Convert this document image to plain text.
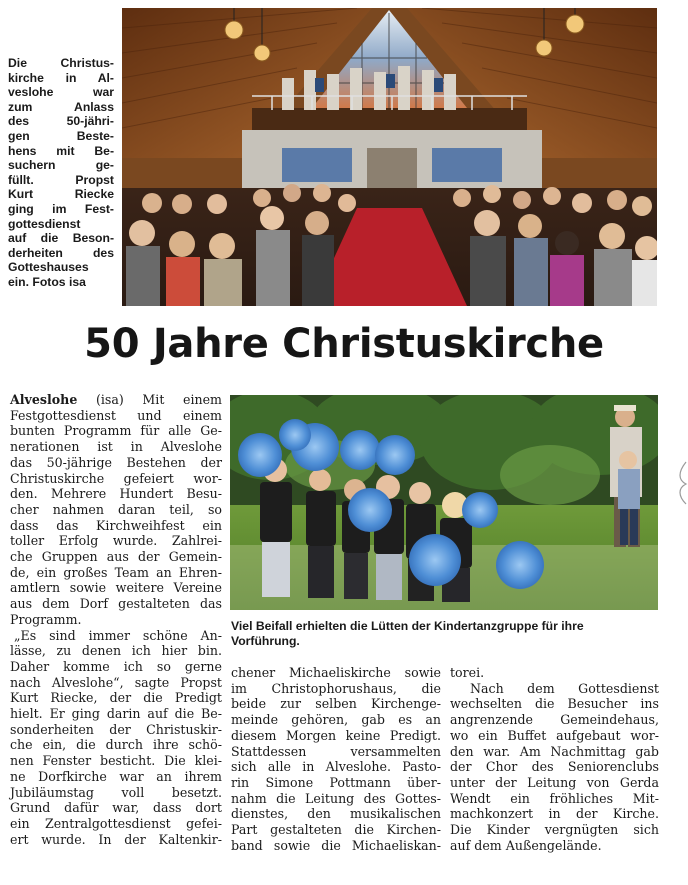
Die Christus-
kirche in Al-
veslohe war
zum Anlass
des 50-jähri-
gen Beste-
hens mit Be-
suchern ge-
füllt. Propst
Kurt Riecke
ging im Fest-
gottesdienst
auf die Beson-
derheiten des
Gotteshauses
ein. Fotos isa

50 Jahre Christuskirche

Alveslohe (isa) Mit einem
Festgottesdienst und einem
bunten Programm für alle Ge-
nerationen ist in Alveslohe
das 50-jährige Bestehen der
Christuskirche gefeiert wor-
den. Mehrere Hundert Besu-
cher nahmen daran teil, so
dass das Kirchweihfest ein
toller Erfolg wurde. Zahlrei-
che Gruppen aus der Gemein-
de, ein großes Team an Ehren-
amtlern sowie weitere Vereine
aus dem Dorf gestalteten das
Programm.
„Es sind immer schöne An-
lässe, zu denen ich hier bin.
Daher komme ich so gerne
nach Alveslohe“, sagte Propst
Kurt Riecke, der die Predigt
hielt. Er ging darin auf die Be-
sonderheiten der Christuskir-
che ein, die durch ihre schö-
nen Fenster besticht. Die klei-
ne Dorfkirche war an ihrem
Jubiläumstag voll besetzt.
Grund dafür war, dass dort
ein Zentralgottesdienst gefei-
ert wurde. In der Kaltenkir-

Viel Beifall erhielten die Lütten der Kindertanzgruppe für ihre
Vorführung.

chener Michaeliskirche sowie
im Christophorushaus, die
beide zur selben Kirchenge-
meinde gehören, gab es an
diesem Morgen keine Predigt.
Stattdessen versammelten
sich alle in Alveslohe. Pasto-
rin Simone Pottmann über-
nahm die Leitung des Gottes-
dienstes, den musikalischen
Part gestalteten die Kirchen-
band sowie die Michaeliskan-

torei.
Nach dem Gottesdienst
wechselten die Besucher ins
angrenzende Gemeindehaus,
wo ein Buffet aufgebaut wor-
den war. Am Nachmittag gab
der Chor des Seniorenclubs
unter der Leitung von Gerda
Wendt ein fröhliches Mit-
machkonzert in der Kirche.
Die Kinder vergnügten sich
auf dem Außengelände.
